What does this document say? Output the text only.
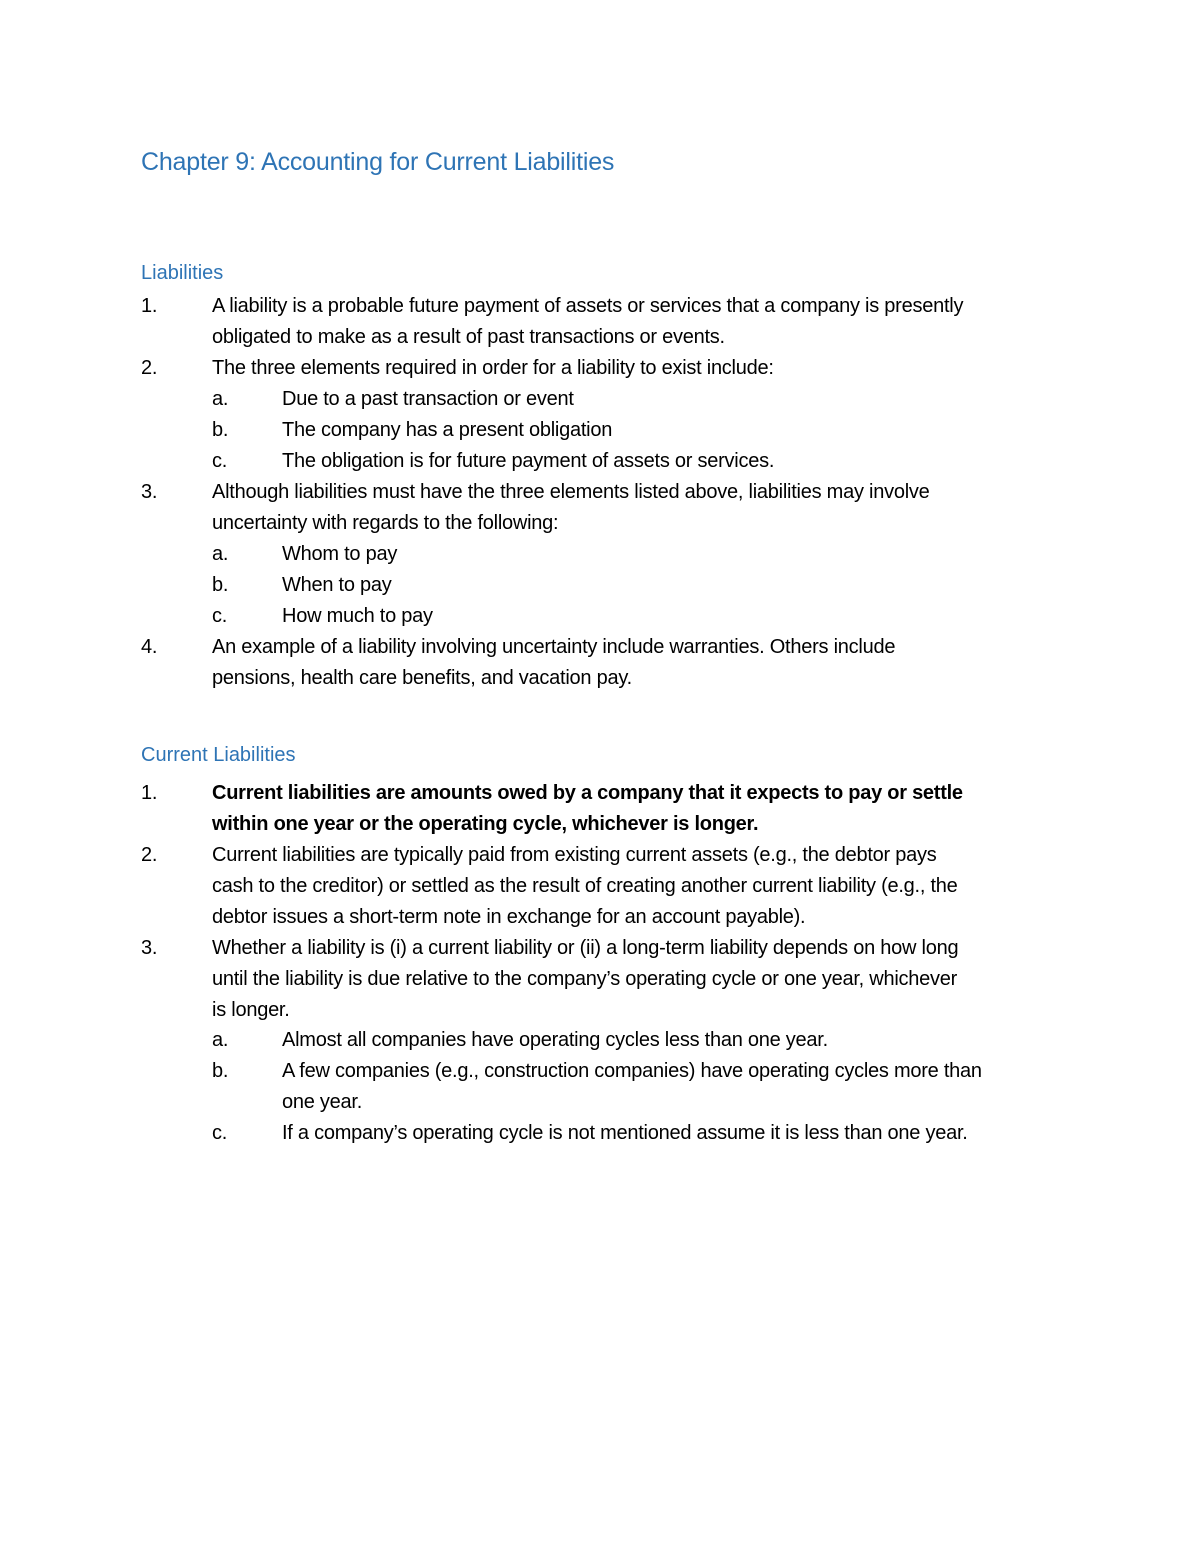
Chapter 9: Accounting for Current Liabilities
Liabilities
1.	A liability is a probable future payment of assets or services that a company is presently
obligated to make as a result of past transactions or events.
2.	The three elements required in order for a liability to exist include:
a.	Due to a past transaction or event
b.	The company has a present obligation
c.	The obligation is for future payment of assets or services.
3.	Although liabilities must have the three elements listed above, liabilities may involve
uncertainty with regards to the following:
a.	Whom to pay
b.	When to pay
c.	How much to pay
4.	An example of a liability involving uncertainty include warranties. Others include
pensions, health care benefits, and vacation pay.
Current Liabilities
1.	Current liabilities are amounts owed by a company that it expects to pay or settle
within one year or the operating cycle, whichever is longer.
2.	Current liabilities are typically paid from existing current assets (e.g., the debtor pays
cash to the creditor) or settled as the result of creating another current liability (e.g., the
debtor issues a short-term note in exchange for an account payable).
3.	Whether a liability is (i) a current liability or (ii) a long-term liability depends on how long
until the liability is due relative to the company’s operating cycle or one year, whichever
is longer.
a.	Almost all companies have operating cycles less than one year.
b.	A few companies (e.g., construction companies) have operating cycles more than
one year.
c.	If a company’s operating cycle is not mentioned assume it is less than one year.
